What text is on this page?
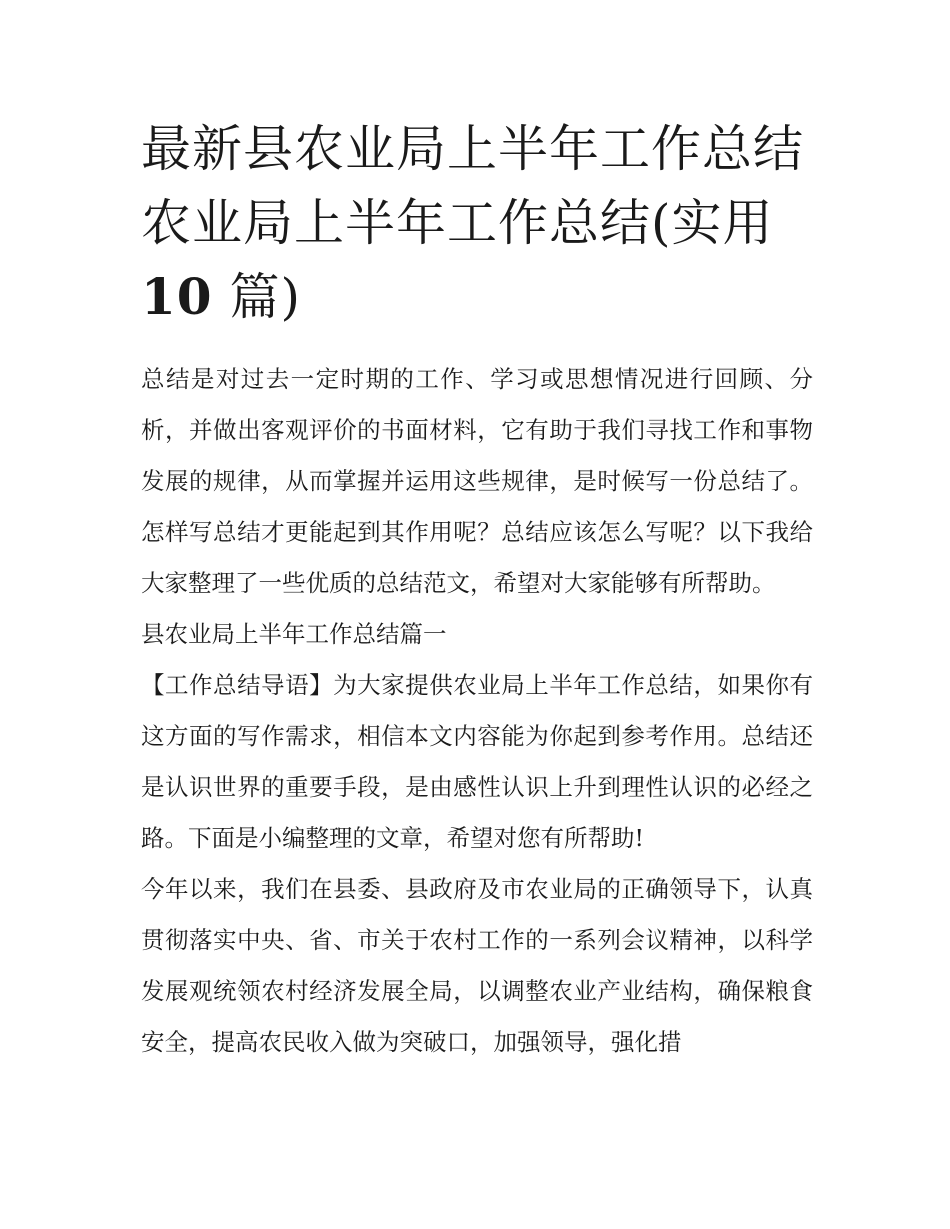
最新县农业局上半年工作总结农业局上半年工作总结(实用
10 篇)

总结是对过去一定时期的工作、学习或思想情况进行回顾、分析，并做出客观评价的书面材料，它有助于我们寻找工作和事物发展的规律，从而掌握并运用这些规律，是时候写一份总结了。怎样写总结才更能起到其作用呢？总结应该怎么写呢？以下我给大家整理了一些优质的总结范文，希望对大家能够有所帮助。

县农业局上半年工作总结篇一

【工作总结导语】为大家提供农业局上半年工作总结，如果你有这方面的写作需求，相信本文内容能为你起到参考作用。总结还是认识世界的重要手段，是由感性认识上升到理性认识的必经之路。下面是小编整理的文章，希望对您有所帮助!

今年以来，我们在县委、县政府及市农业局的正确领导下，认真贯彻落实中央、省、市关于农村工作的一系列会议精神，以科学发展观统领农村经济发展全局，以调整农业产业结构，确保粮食安全，提高农民收入做为突破口，加强领导，强化措
